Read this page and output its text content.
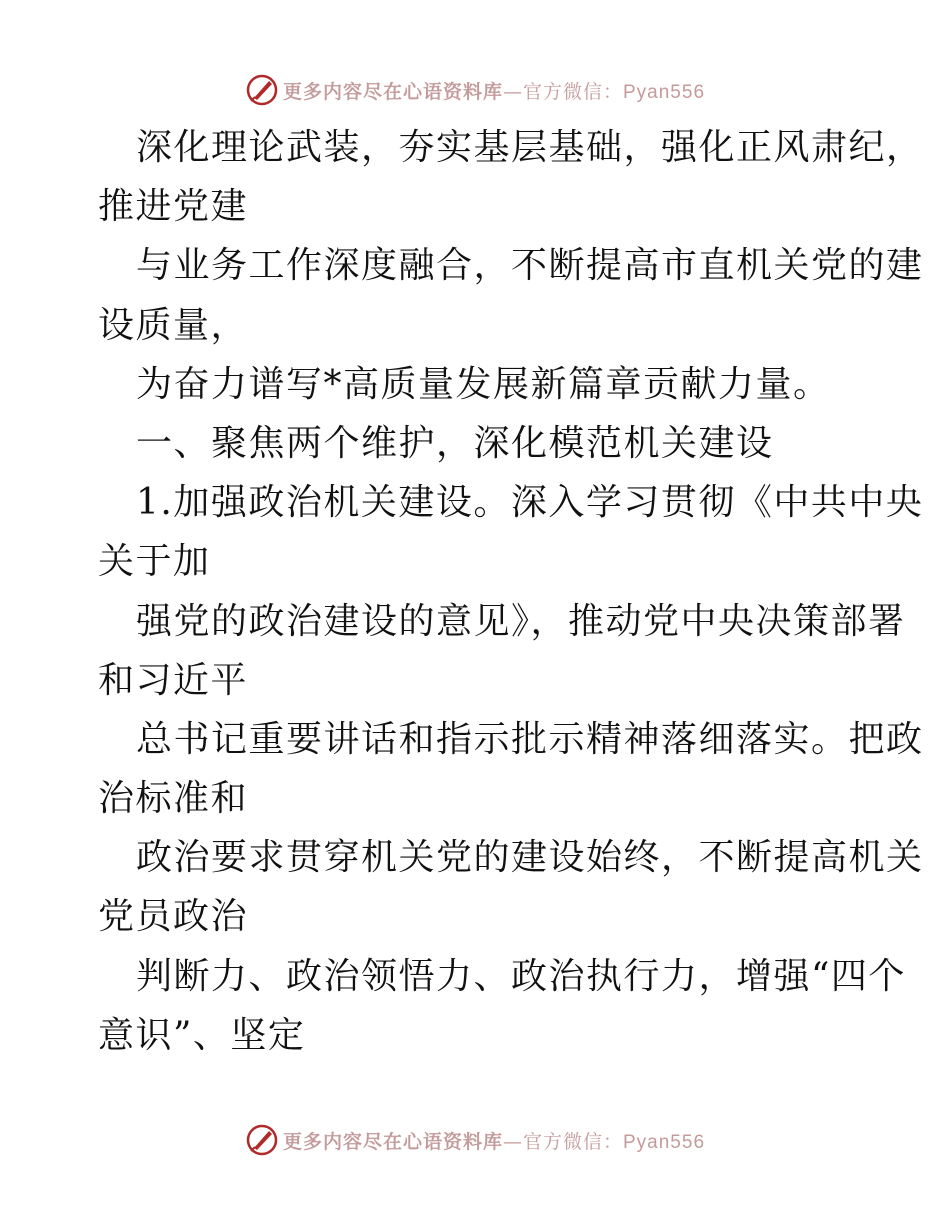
更多内容尽在心语资料库—官方微信：Pyan556
深化理论武装，夯实基层基础，强化正风肃纪，
推进党建
与业务工作深度融合，不断提高市直机关党的建
设质量，
为奋力谱写*高质量发展新篇章贡献力量。
一、聚焦两个维护，深化模范机关建设
1.加强政治机关建设。深入学习贯彻《中共中央
关于加
强党的政治建设的意见》，推动党中央决策部署
和习近平
总书记重要讲话和指示批示精神落细落实。把政
治标准和
政治要求贯穿机关党的建设始终，不断提高机关
党员政治
判断力、政治领悟力、政治执行力，增强“四个
意识”、坚定
更多内容尽在心语资料库—官方微信：Pyan556
